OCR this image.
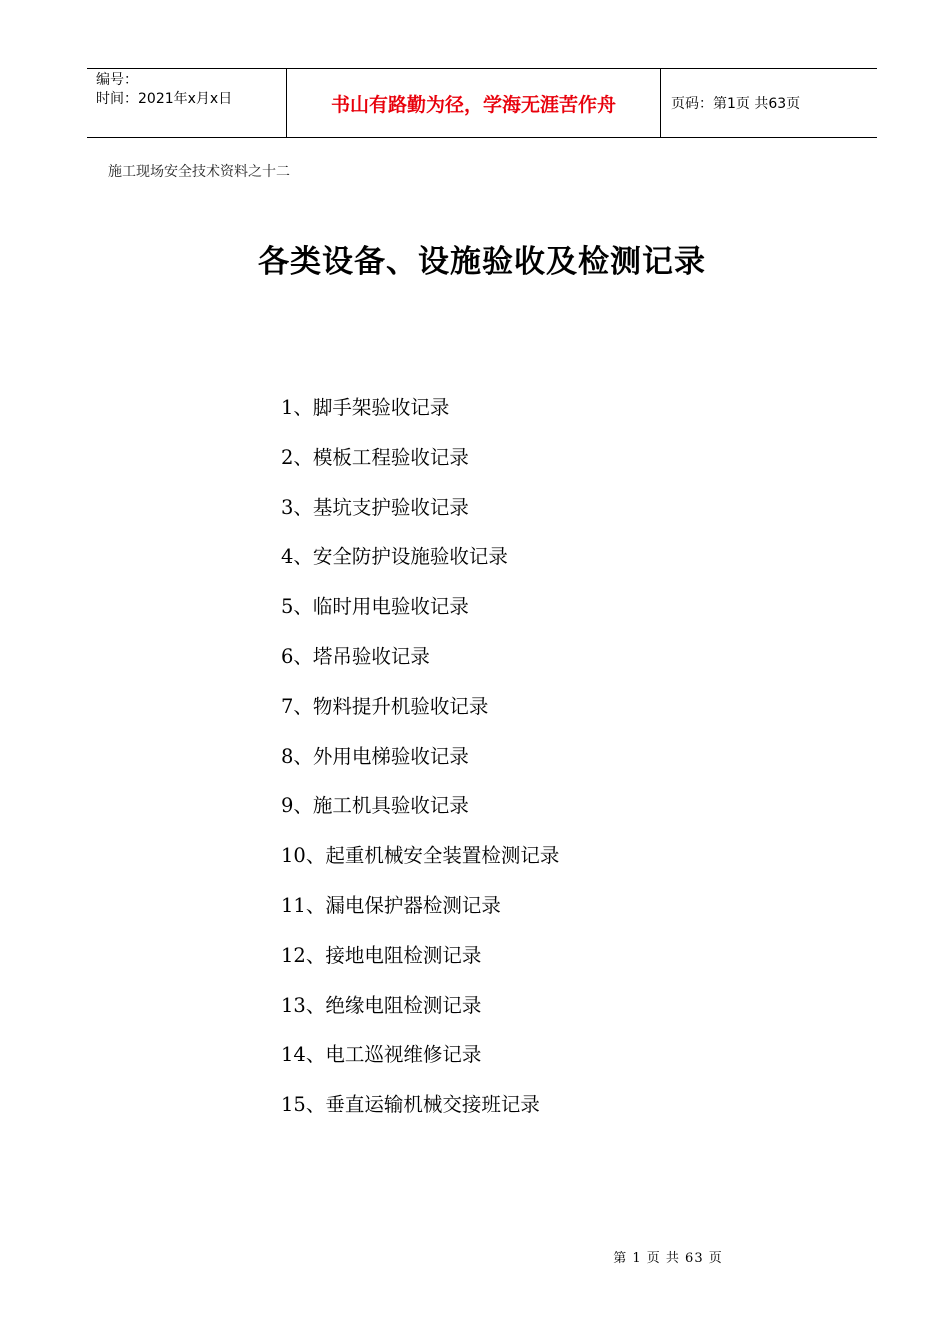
编号：
时间：2021年x月x日	书山有路勤为径，学海无涯苦作舟	页码：第1页 共63页
施工现场安全技术资料之十二
各类设备、设施验收及检测记录
1、脚手架验收记录
2、模板工程验收记录
3、基坑支护验收记录
4、安全防护设施验收记录
5、临时用电验收记录
6、塔吊验收记录
7、物料提升机验收记录
8、外用电梯验收记录
9、施工机具验收记录
10、起重机械安全装置检测记录
11、漏电保护器检测记录
12、接地电阻检测记录
13、绝缘电阻检测记录
14、电工巡视维修记录
15、垂直运输机械交接班记录
第 1 页 共 63 页
